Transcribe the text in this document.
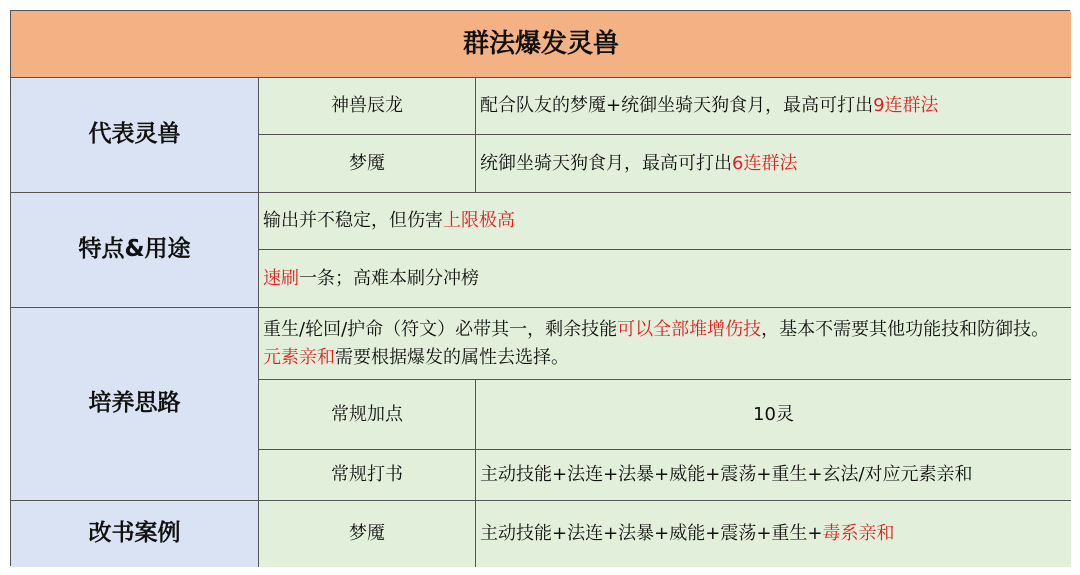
群法爆发灵兽
代表灵兽
神兽辰龙	配合队友的梦魇+统御坐骑天狗食月，最高可打出9连群法
梦魇	统御坐骑天狗食月，最高可打出6连群法
特点&用途
输出并不稳定，但伤害上限极高
速刷一条；高难本刷分冲榜
培养思路
重生/轮回/护命（符文）必带其一，剩余技能可以全部堆增伤技，基本不需要其他功能技和防御技。元素亲和需要根据爆发的属性去选择。
常规加点	10灵
常规打书	主动技能+法连+法暴+威能+震荡+重生+玄法/对应元素亲和
改书案例	梦魇	主动技能+法连+法暴+威能+震荡+重生+毒系亲和
